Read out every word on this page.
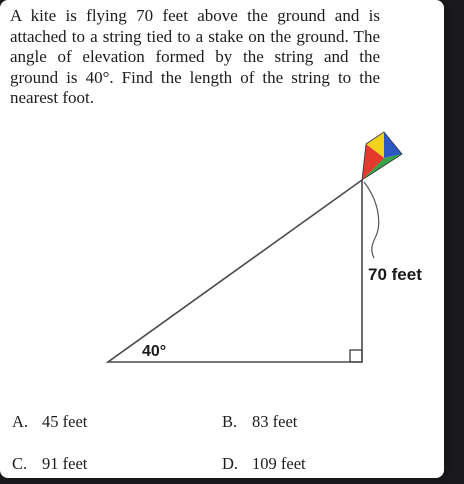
A kite is flying 70 feet above the ground and is attached to a string tied to a stake on the ground. The angle of elevation formed by the string and the ground is 40°. Find the length of the string to the nearest foot.

70 feet
40°
A. 45 feet	B. 83 feet
C. 91 feet	D. 109 feet
